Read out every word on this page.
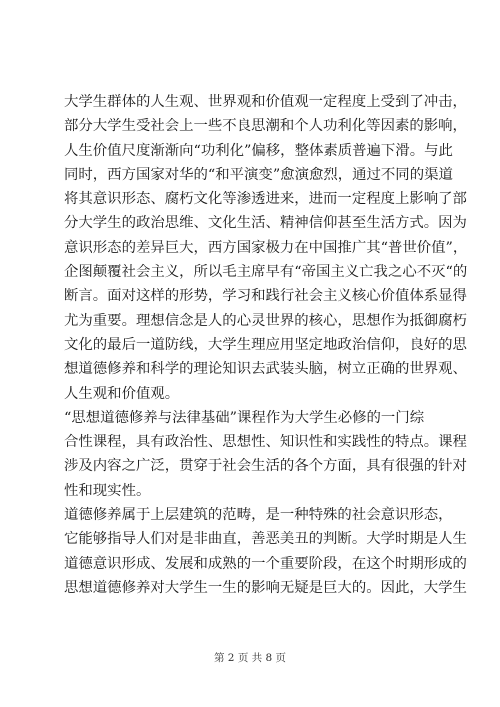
大学生群体的人生观、世界观和价值观一定程度上受到了冲击，
部分大学生受社会上一些不良思潮和个人功利化等因素的影响，
人生价值尺度渐渐向“功利化”偏移，整体素质普遍下滑。与此
同时，西方国家对华的“和平演变”愈演愈烈，通过不同的渠道
将其意识形态、腐朽文化等渗透进来，进而一定程度上影响了部
分大学生的政治思维、文化生活、精神信仰甚至生活方式。因为
意识形态的差异巨大，西方国家极力在中国推广其“普世价值”，
企图颠覆社会主义，所以毛主席早有“帝国主义亡我之心不灭“的
断言。面对这样的形势，学习和践行社会主义核心价值体系显得
尤为重要。理想信念是人的心灵世界的核心，思想作为抵御腐朽
文化的最后一道防线，大学生理应用坚定地政治信仰，良好的思
想道德修养和科学的理论知识去武装头脑，树立正确的世界观、
人生观和价值观。
“思想道德修养与法律基础”课程作为大学生必修的一门综
合性课程，具有政治性、思想性、知识性和实践性的特点。课程
涉及内容之广泛，贯穿于社会生活的各个方面，具有很强的针对
性和现实性。
道德修养属于上层建筑的范畴，是一种特殊的社会意识形态，
它能够指导人们对是非曲直，善恶美丑的判断。大学时期是人生
道德意识形成、发展和成熟的一个重要阶段，在这个时期形成的
思想道德修养对大学生一生的影响无疑是巨大的。因此，大学生
第 2 页 共 8 页
